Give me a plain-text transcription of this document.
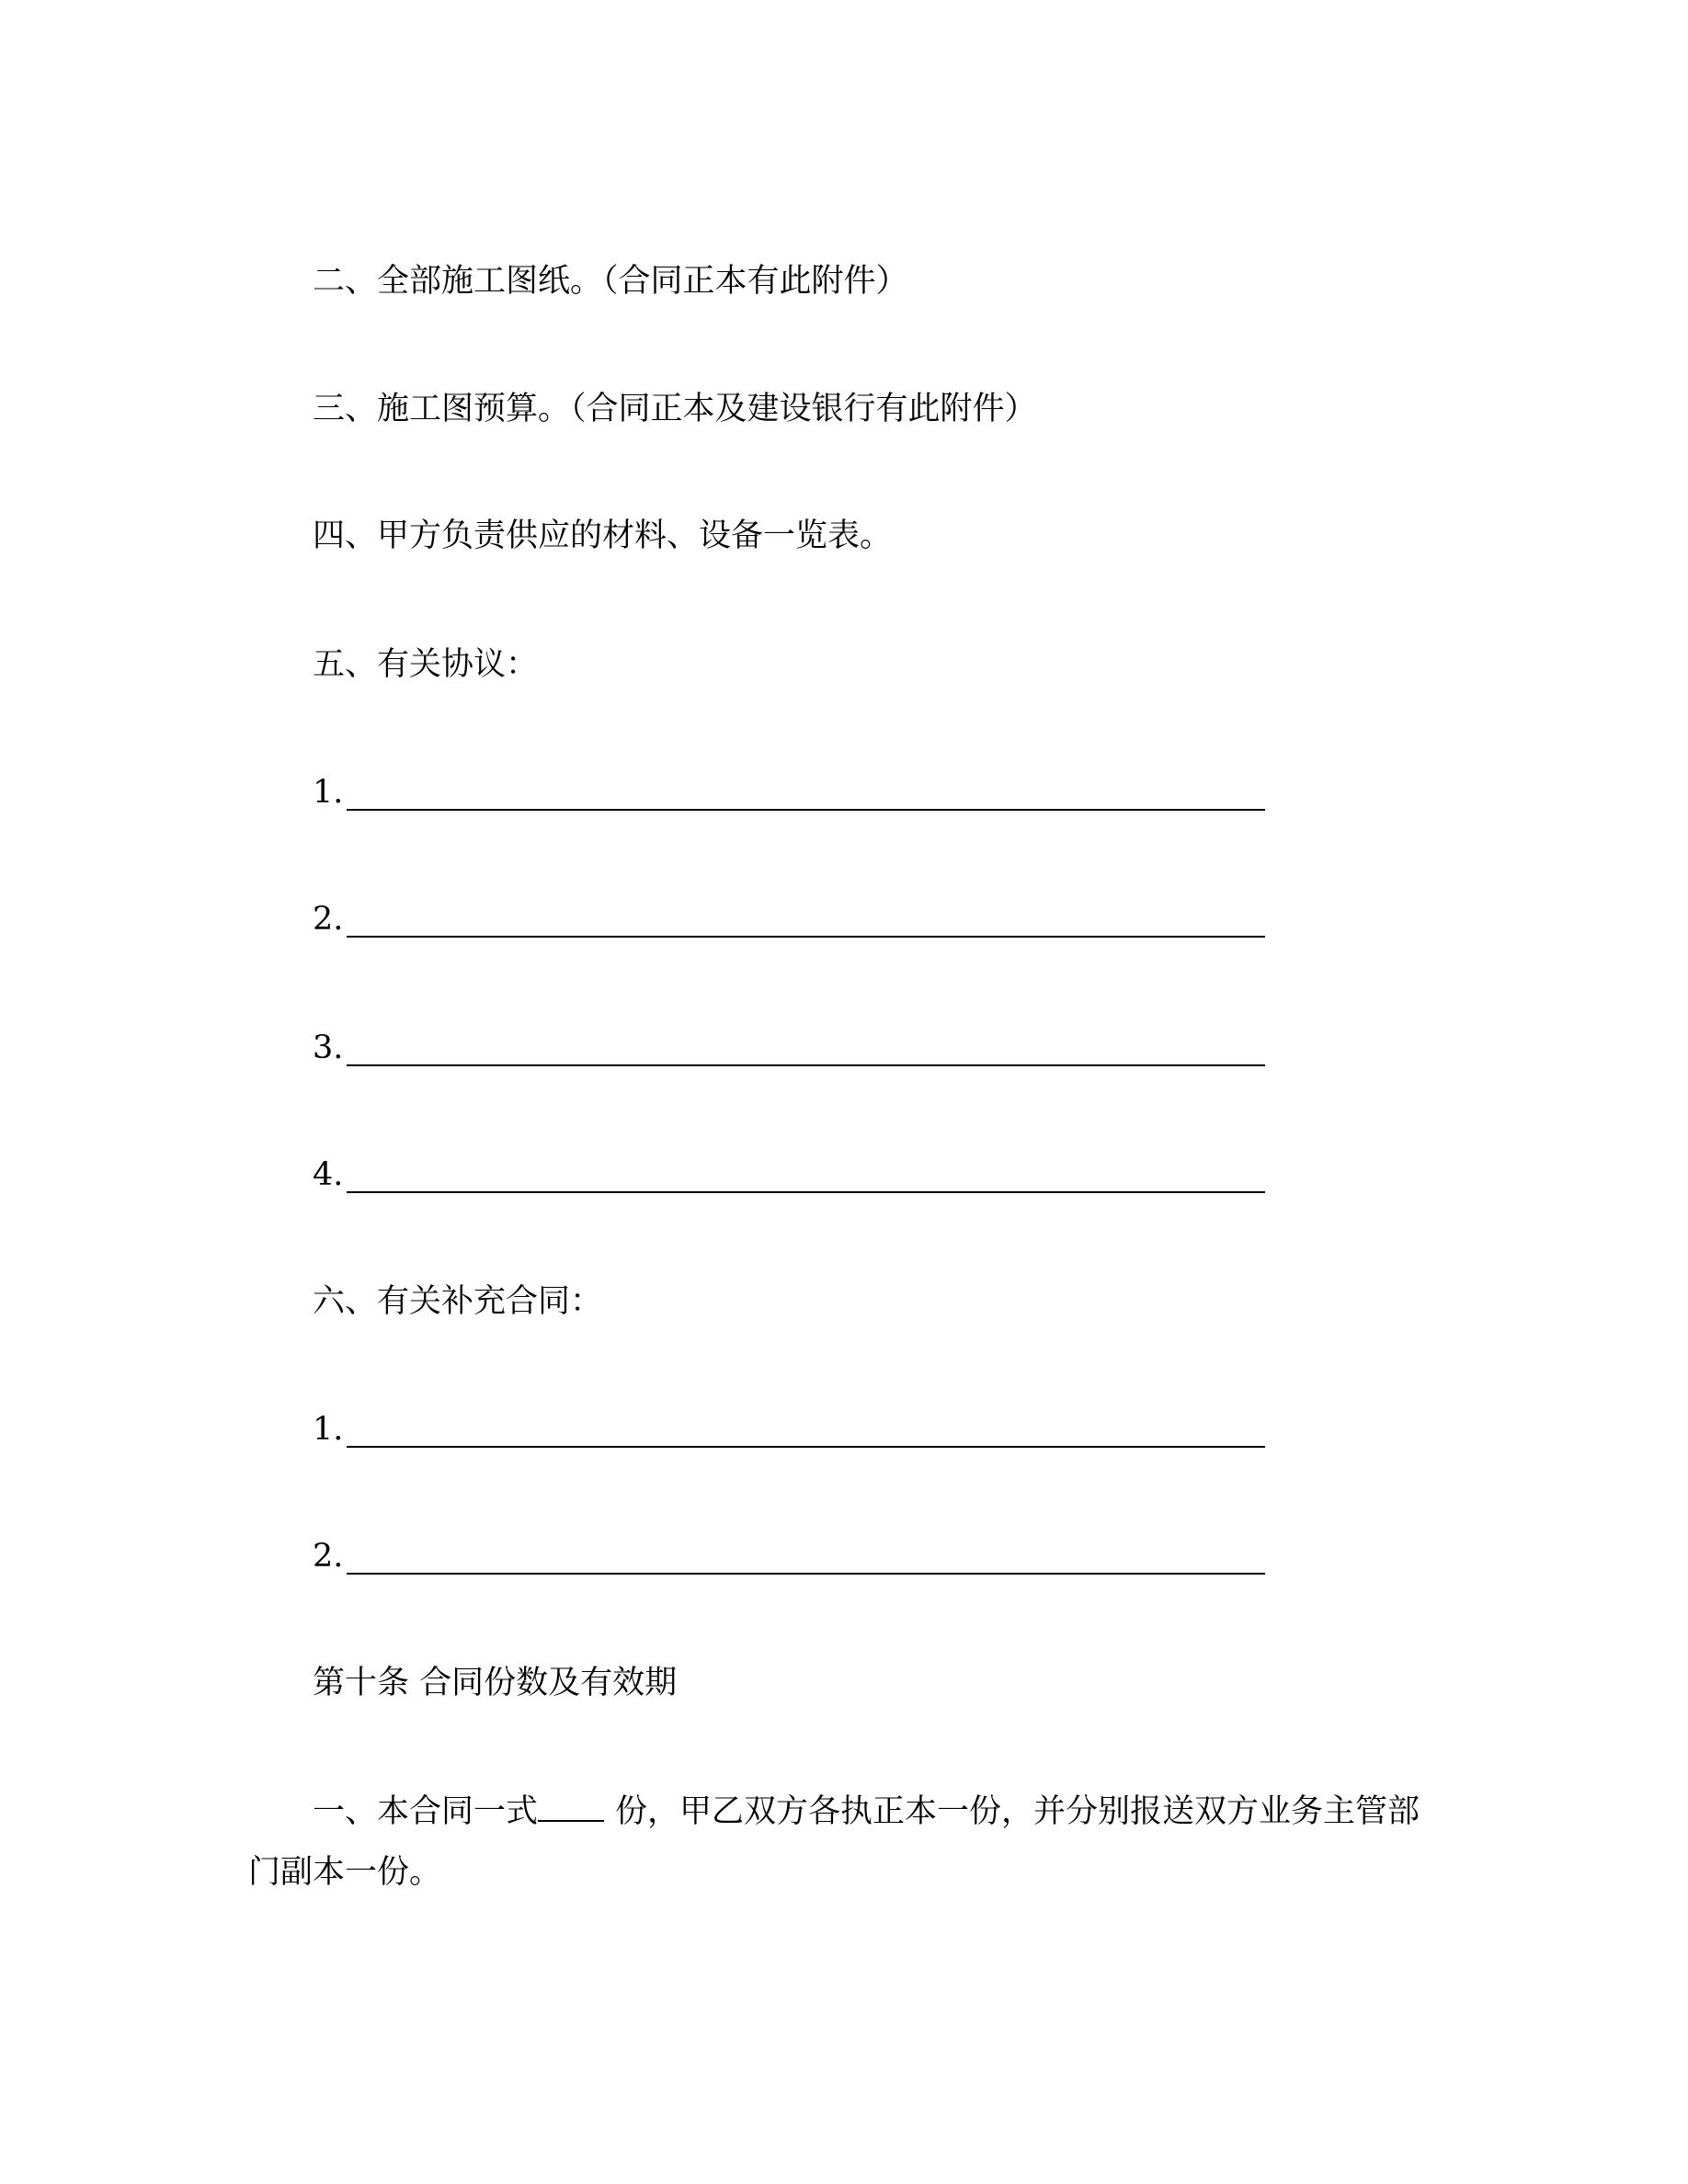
二、全部施工图纸。（合同正本有此附件）
三、施工图预算。（合同正本及建设银行有此附件）
四、甲方负责供应的材料、设备一览表。
五、有关协议：
1.
2.
3.
4.
六、有关补充合同：
1.
2.
第十条 合同份数及有效期
一、本合同一式 份，甲乙双方各执正本一份，并分别报送双方业务主管部
门副本一份。
